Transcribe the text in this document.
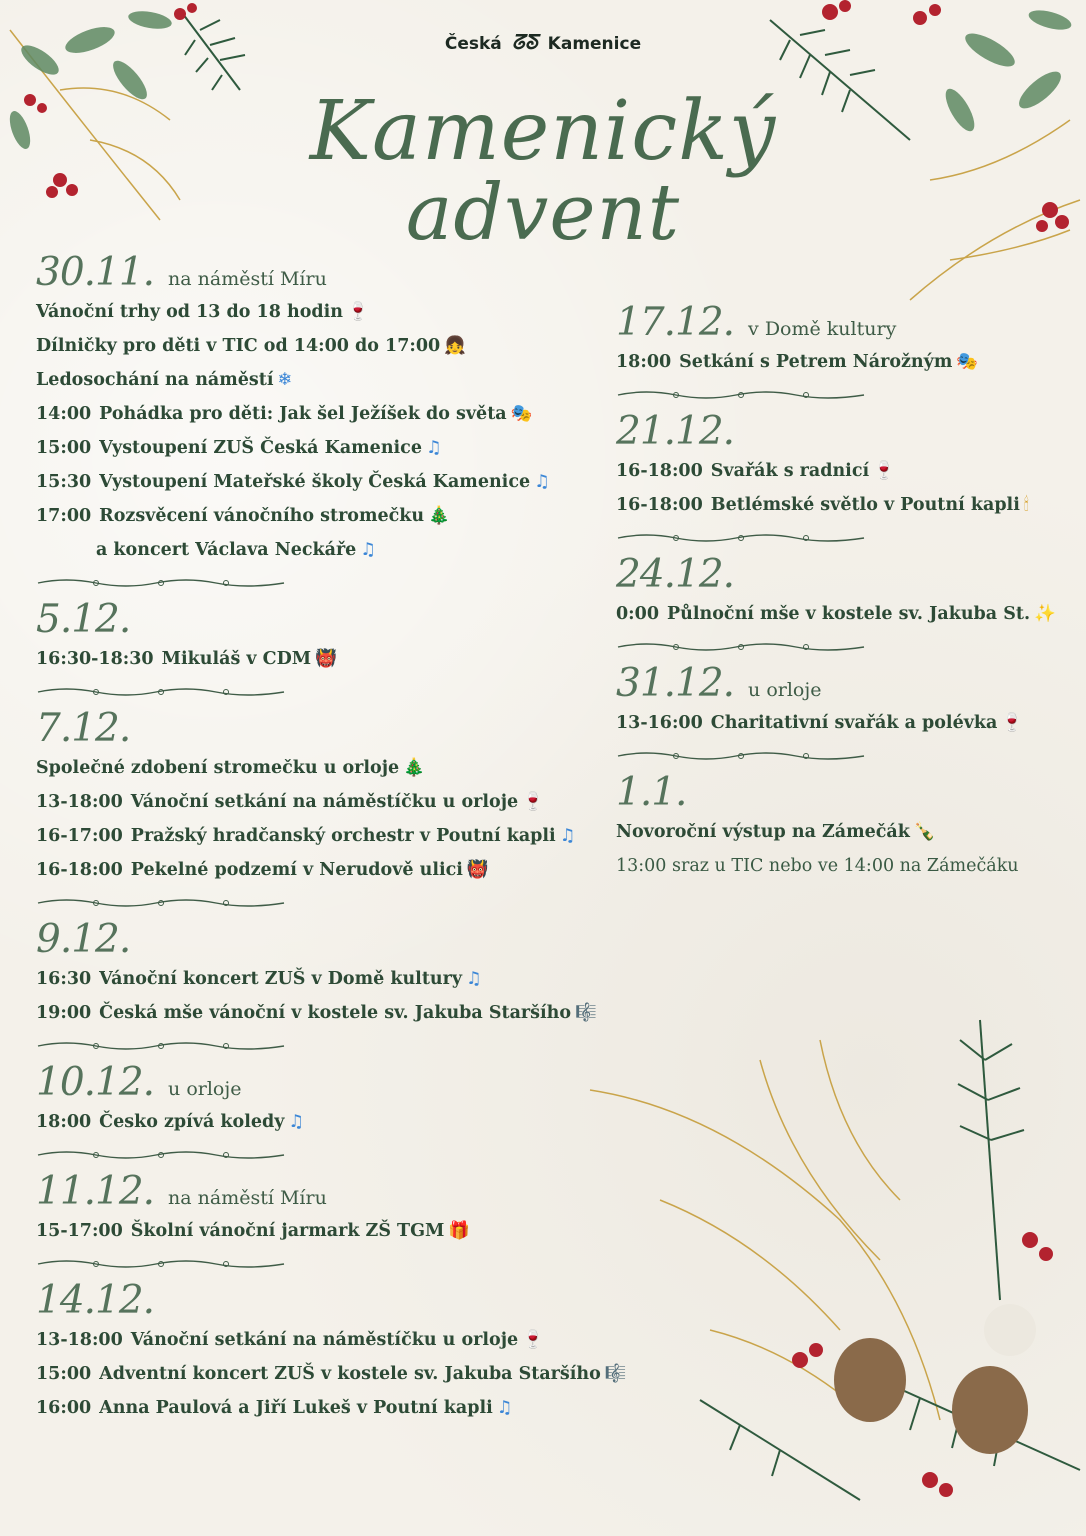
Česká ᘔᘕ Kamenice
Kamenický
advent
30.11. na náměstí Míru
Vánoční trhy od 13 do 18 hodin 🍷
Dílničky pro děti v TIC od 14:00 do 17:00 👧
Ledosochání na náměstí ❄
14:00 Pohádka pro děti: Jak šel Ježíšek do světa 🎭
15:00 Vystoupení ZUŠ Česká Kamenice ♫
15:30 Vystoupení Mateřské školy Česká Kamenice ♫
17:00 Rozsvěcení vánočního stromečku 🎄
a koncert Václava Neckáře ♫
5.12.
16:30-18:30 Mikuláš v CDM 👹
7.12.
Společné zdobení stromečku u orloje 🎄
13-18:00 Vánoční setkání na náměstíčku u orloje 🍷
16-17:00 Pražský hradčanský orchestr v Poutní kapli ♫
16-18:00 Pekelné podzemí v Nerudově ulici 👹
9.12.
16:30 Vánoční koncert ZUŠ v Domě kultury ♫
19:00 Česká mše vánoční v kostele sv. Jakuba Staršího 🎼
10.12. u orloje
18:00 Česko zpívá koledy ♫
11.12. na náměstí Míru
15-17:00 Školní vánoční jarmark ZŠ TGM 🎁
14.12.
13-18:00 Vánoční setkání na náměstíčku u orloje 🍷
15:00 Adventní koncert ZUŠ v kostele sv. Jakuba Staršího 🎼
16:00 Anna Paulová a Jiří Lukeš v Poutní kapli ♫
17.12. v Domě kultury
18:00 Setkání s Petrem Nárožným 🎭
21.12.
16-18:00 Svařák s radnicí 🍷
16-18:00 Betlémské světlo v Poutní kapli 🕯
24.12.
0:00 Půlnoční mše v kostele sv. Jakuba St. ✨
31.12. u orloje
13-16:00 Charitativní svařák a polévka 🍷
1.1.
Novoroční výstup na Zámečák 🍾
13:00 sraz u TIC nebo ve 14:00 na Zámečáku
